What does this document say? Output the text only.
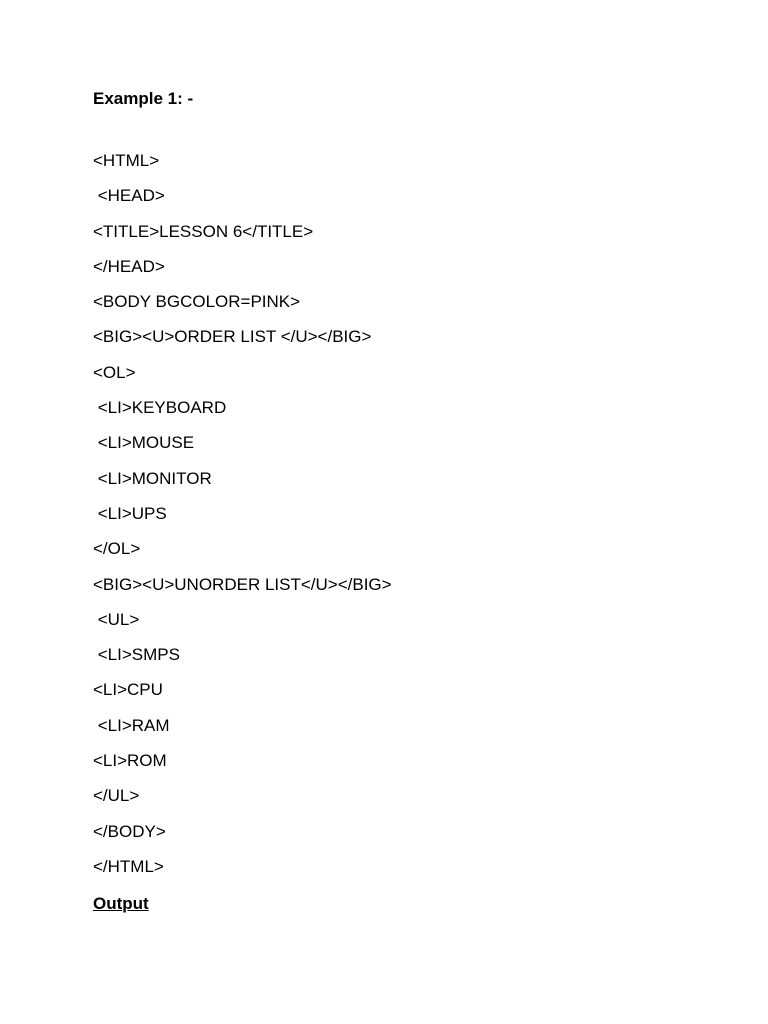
Example 1: -
<HTML>
<HEAD>
<TITLE>LESSON 6</TITLE>
</HEAD>
<BODY BGCOLOR=PINK>
<BIG><U>ORDER LIST </U></BIG>
<OL>
<LI>KEYBOARD
<LI>MOUSE
<LI>MONITOR
<LI>UPS
</OL>
<BIG><U>UNORDER LIST</U></BIG>
<UL>
<LI>SMPS
<LI>CPU
<LI>RAM
<LI>ROM
</UL>
</BODY>
</HTML>
Output
